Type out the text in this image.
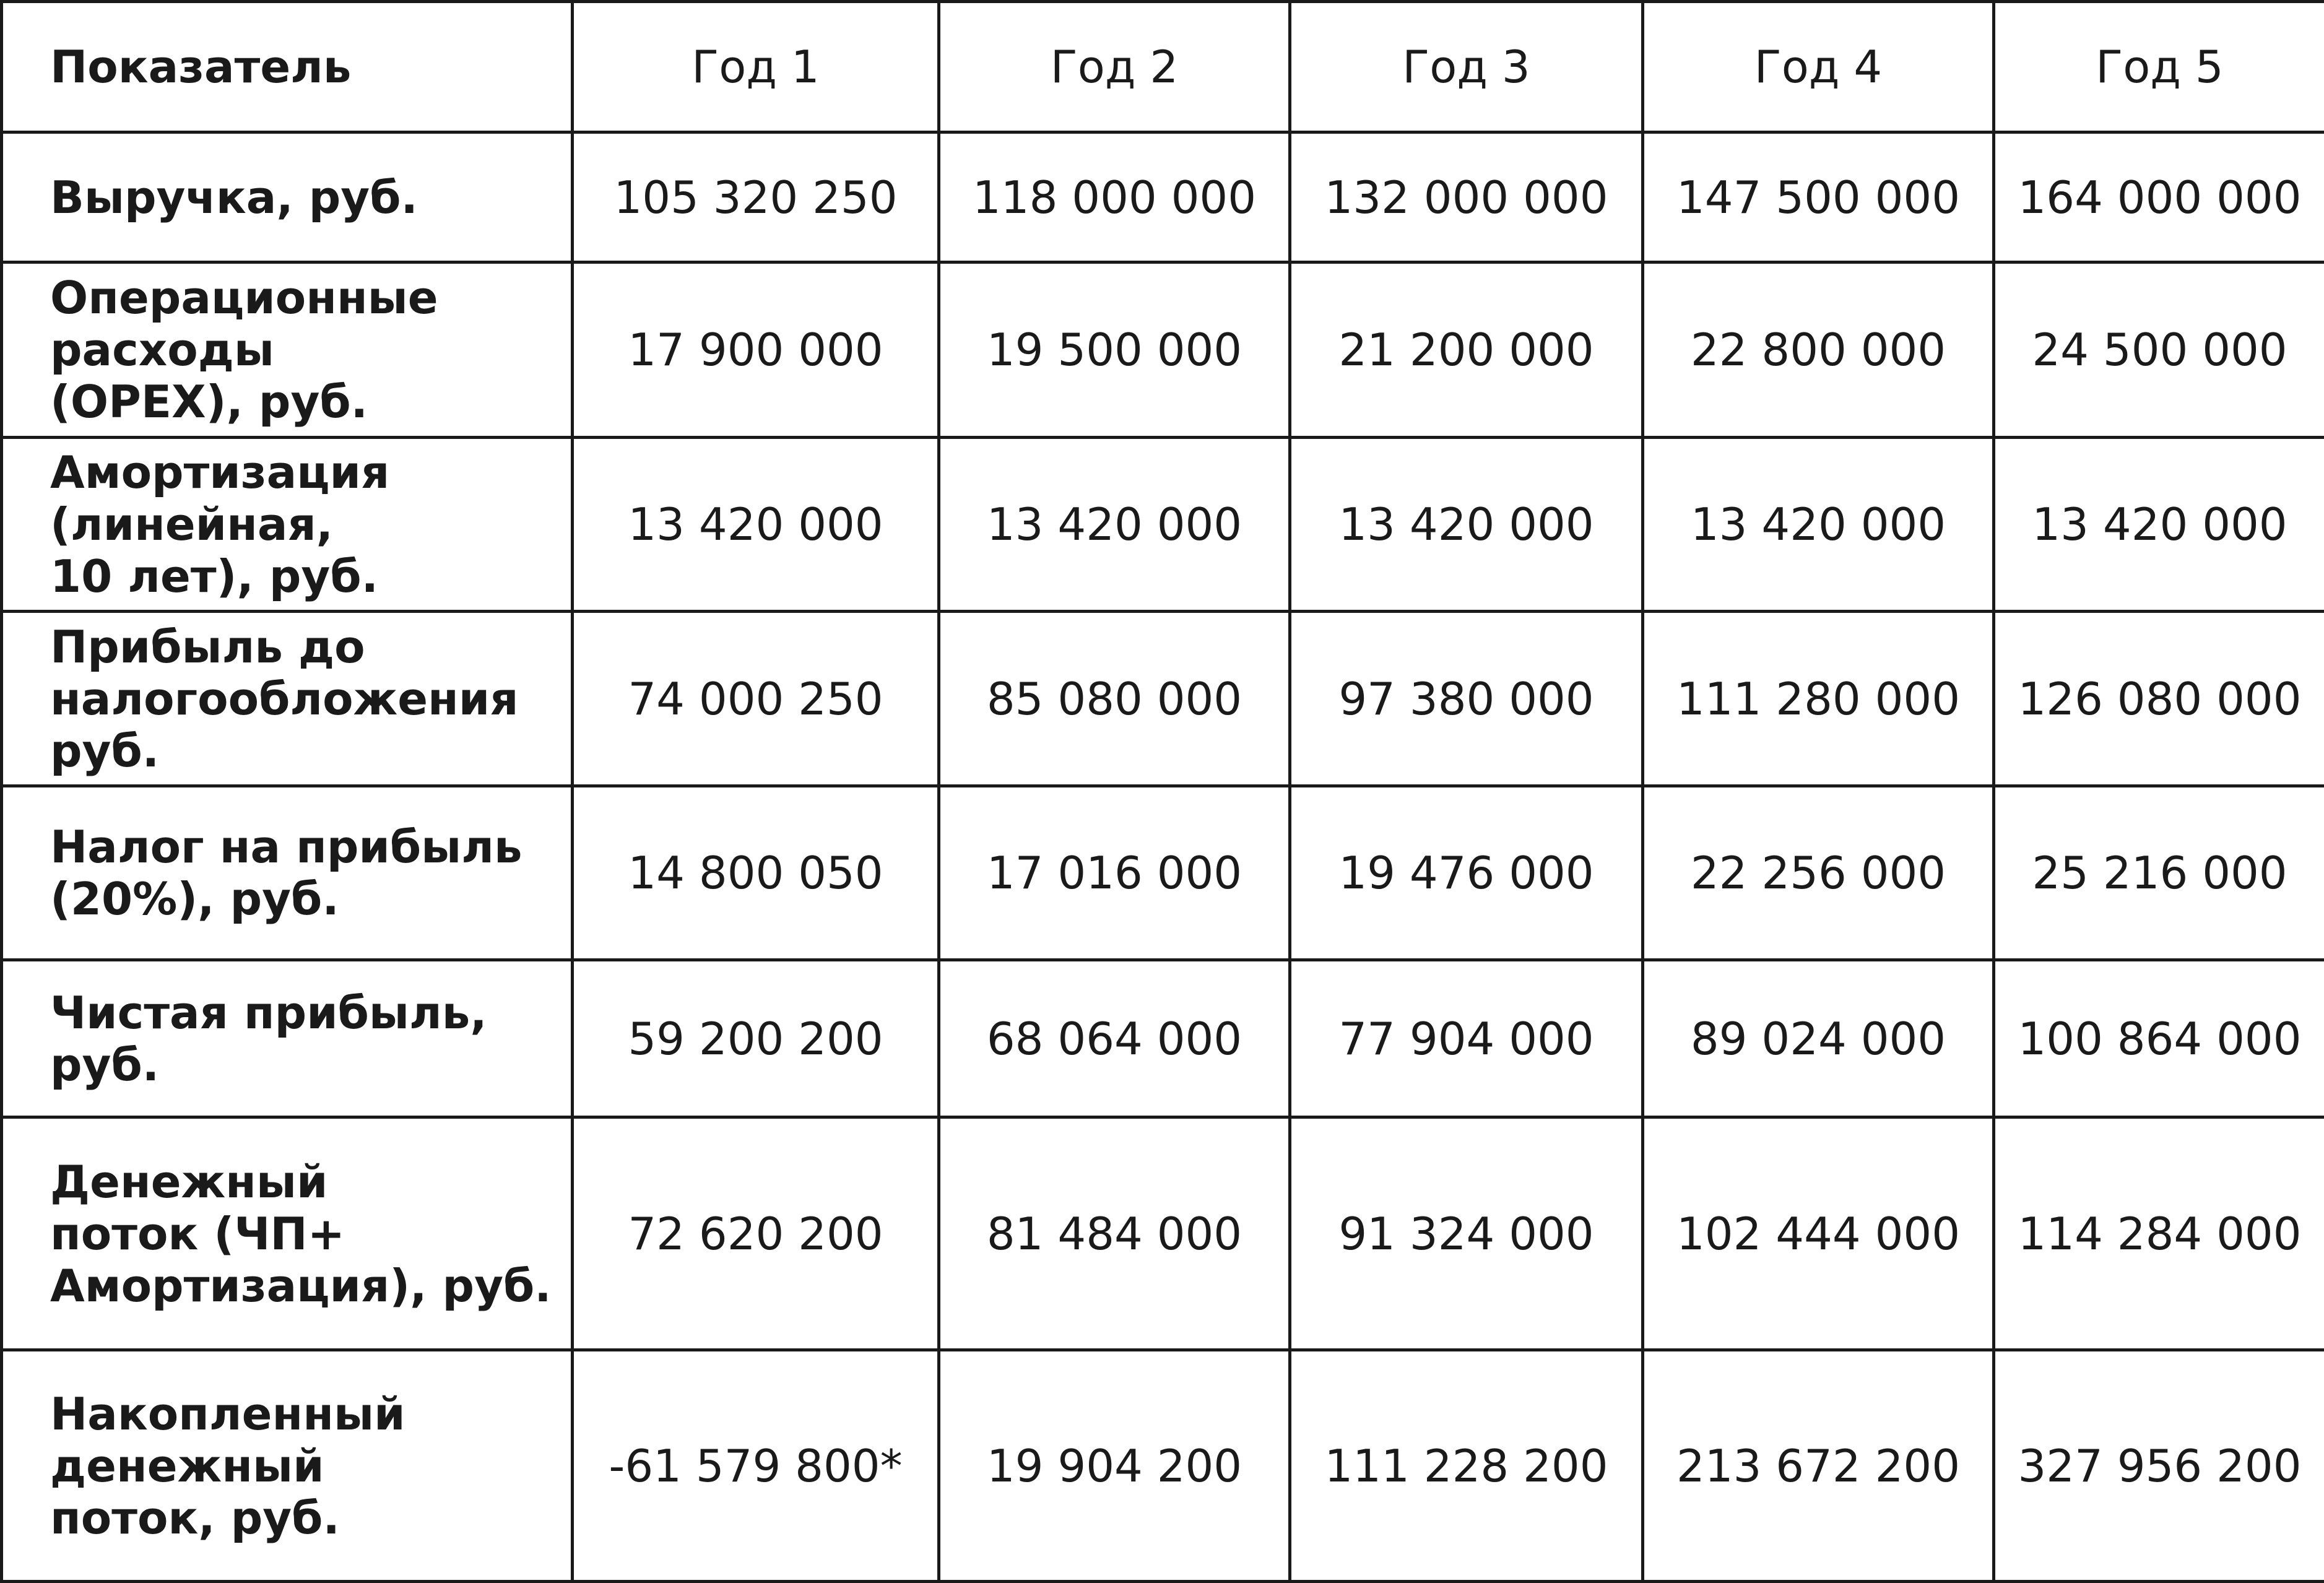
Показатель	Год 1	Год 2	Год 3	Год 4	Год 5
Выручка, руб.	105 320 250	118 000 000	132 000 000	147 500 000	164 000 000
Операционные
расходы
(OPEX), руб.	17 900 000	19 500 000	21 200 000	22 800 000	24 500 000
Амортизация
(линейная,
10 лет), руб.	13 420 000	13 420 000	13 420 000	13 420 000	13 420 000
Прибыль до
налогообложения
руб.	74 000 250	85 080 000	97 380 000	111 280 000	126 080 000
Налог на прибыль
(20%), руб.	14 800 050	17 016 000	19 476 000	22 256 000	25 216 000
Чистая прибыль,
руб.	59 200 200	68 064 000	77 904 000	89 024 000	100 864 000
Денежный
поток (ЧП+
Амортизация), руб.	72 620 200	81 484 000	91 324 000	102 444 000	114 284 000
Накопленный
денежный
поток, руб.	-61 579 800*	19 904 200	111 228 200	213 672 200	327 956 200
